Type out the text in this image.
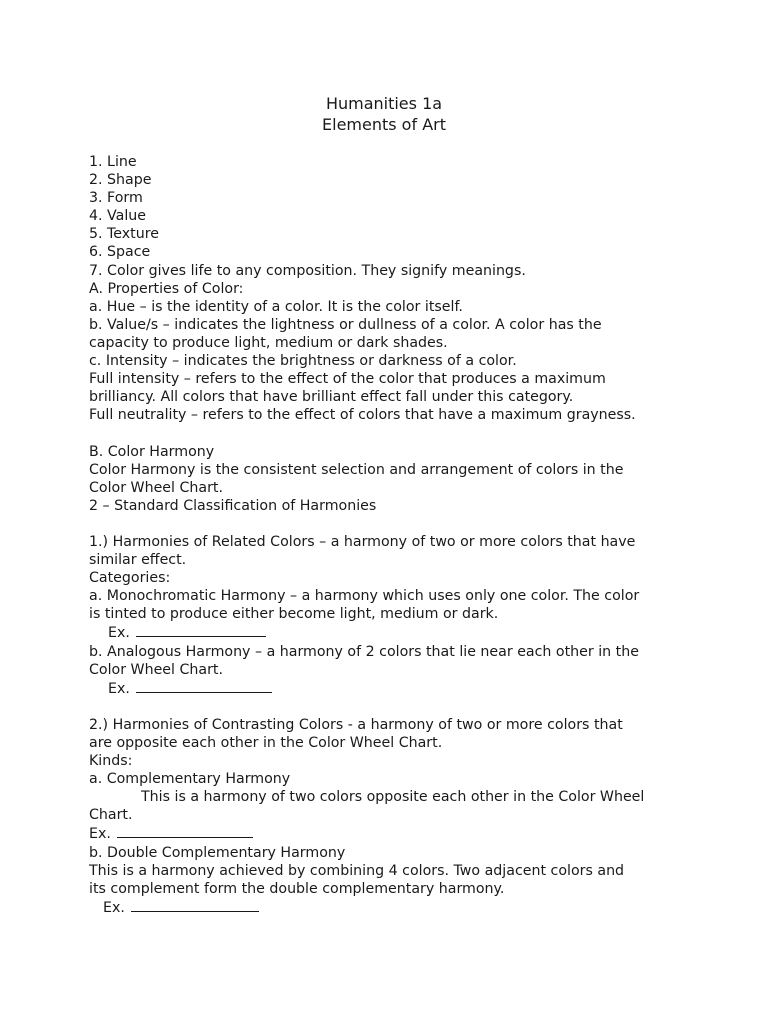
Humanities 1a
Elements of Art
1. Line
2. Shape
3. Form
4. Value
5. Texture
6. Space
7. Color gives life to any composition. They signify meanings.
A. Properties of Color:
a. Hue – is the identity of a color. It is the color itself.
b. Value/s – indicates the lightness or dullness of a color. A color has the
capacity to produce light, medium or dark shades.
c. Intensity – indicates the brightness or darkness of a color.
Full intensity – refers to the effect of the color that produces a maximum
brilliancy. All colors that have brilliant effect fall under this category.
Full neutrality – refers to the effect of colors that have a maximum grayness.
B. Color Harmony
Color Harmony is the consistent selection and arrangement of colors in the
Color Wheel Chart.
2 – Standard Classification of Harmonies
1.) Harmonies of Related Colors – a harmony of two or more colors that have
similar effect.
Categories:
a. Monochromatic Harmony – a harmony which uses only one color. The color
is tinted to produce either become light, medium or dark.
Ex.
b. Analogous Harmony – a harmony of 2 colors that lie near each other in the
Color Wheel Chart.
Ex.
2.) Harmonies of Contrasting Colors - a harmony of two or more colors that
are opposite each other in the Color Wheel Chart.
Kinds:
a. Complementary Harmony
This is a harmony of two colors opposite each other in the Color Wheel
Chart.
Ex.
b. Double Complementary Harmony
This is a harmony achieved by combining 4 colors. Two adjacent colors and
its complement form the double complementary harmony.
Ex.
